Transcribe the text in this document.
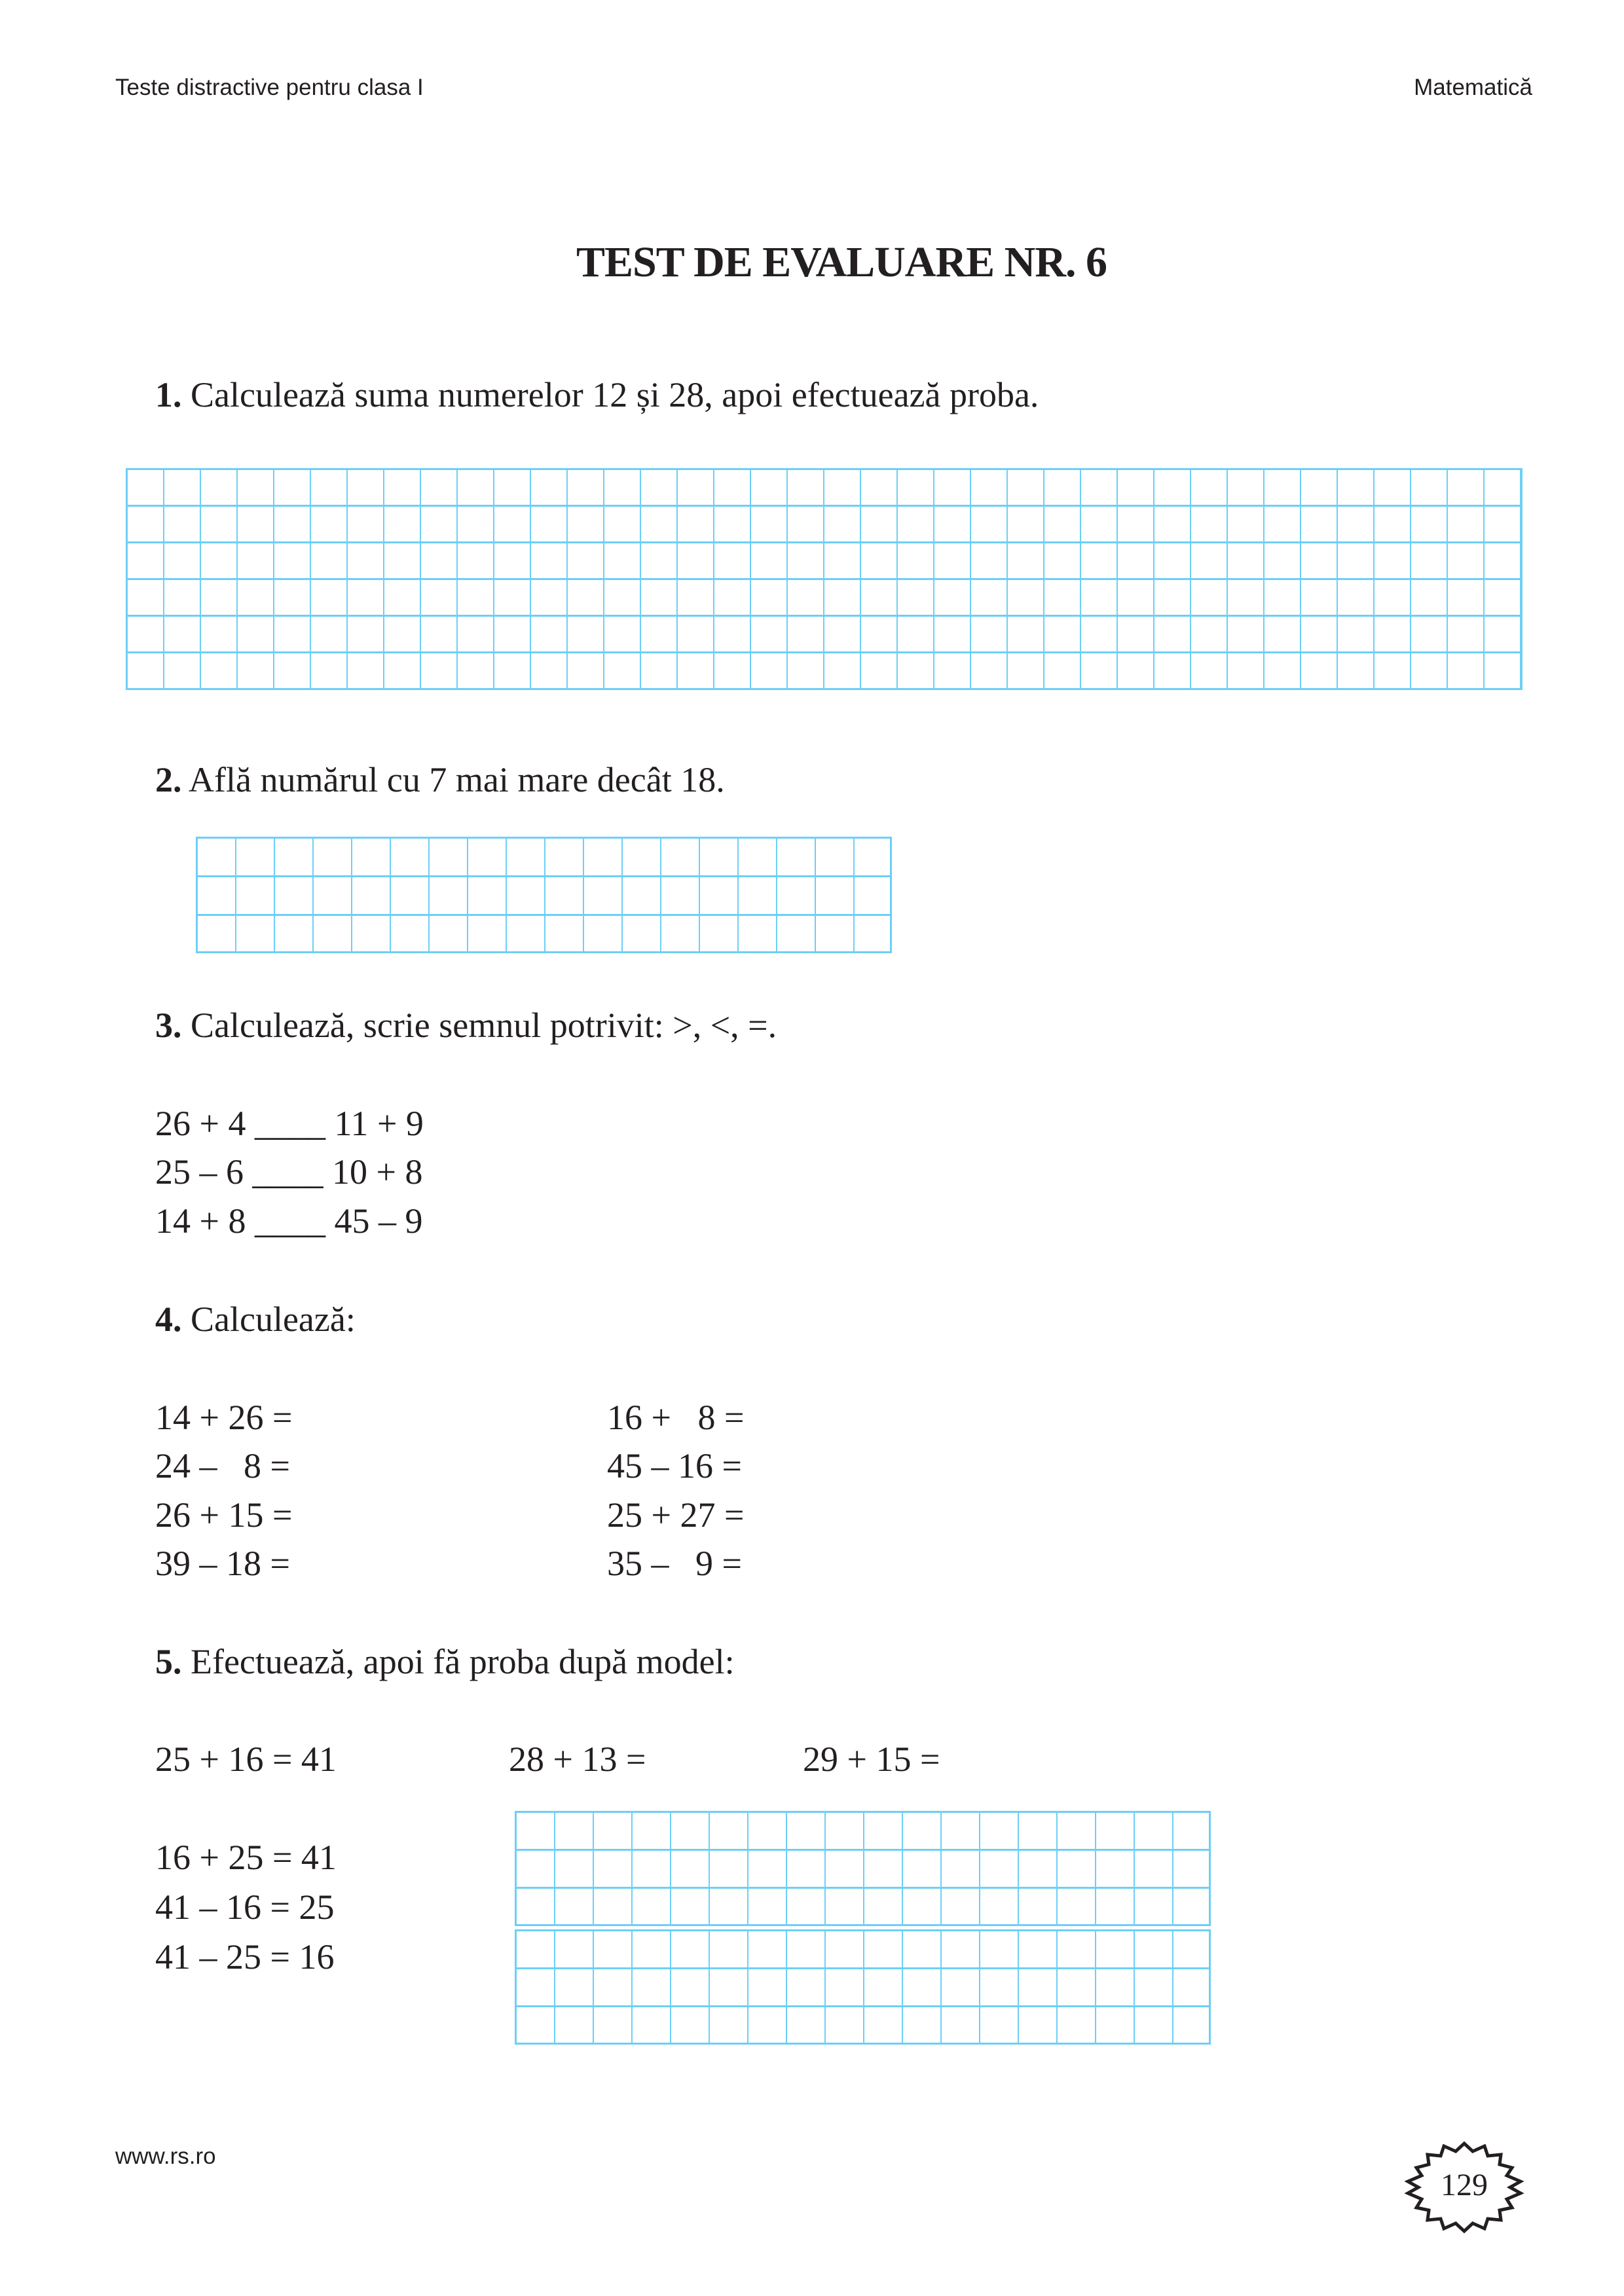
Teste distractive pentru clasa I	Matematică
TEST DE EVALUARE NR. 6
1. Calculează suma numerelor 12 și 28, apoi efectuează proba.
2. Află numărul cu 7 mai mare decât 18.
3. Calculează, scrie semnul potrivit: >, <, =.
26 + 4 ____ 11 + 9
25 – 6 ____ 10 + 8
14 + 8 ____ 45 – 9
4. Calculează:
14 + 26 =
24 –   8 =
26 + 15 =
39 – 18 =
16 +   8 =
45 – 16 =
25 + 27 =
35 –   9 =
5. Efectuează, apoi fă proba după model:
25 + 16 = 41	28 + 13 =	29 + 15 =
16 + 25 = 41
41 – 16 = 25
41 – 25 = 16
www.rs.ro
129
